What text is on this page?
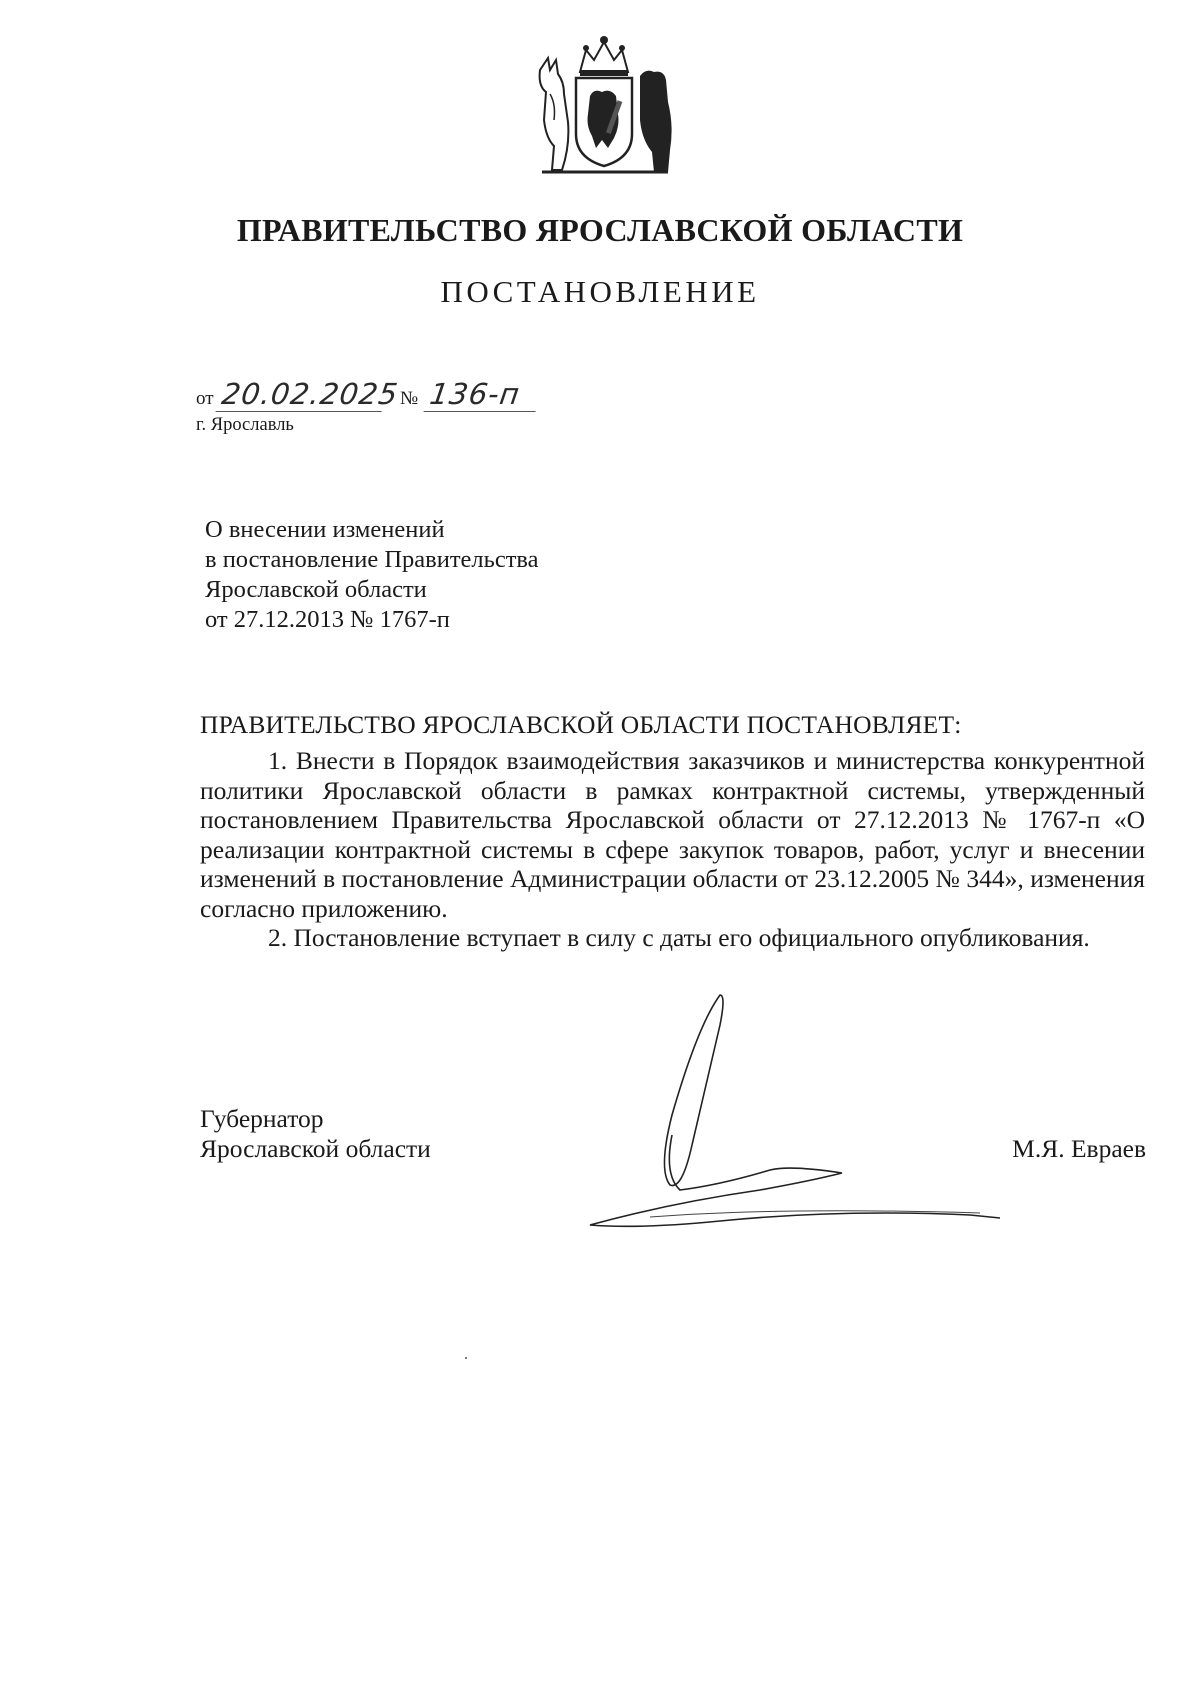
ПРАВИТЕЛЬСТВО ЯРОСЛАВСКОЙ ОБЛАСТИ
ПОСТАНОВЛЕНИЕ
от 20.02.2025 № 136-п
г. Ярославль
О внесении изменений
в постановление Правительства
Ярославской области
от 27.12.2013 № 1767-п
ПРАВИТЕЛЬСТВО ЯРОСЛАВСКОЙ ОБЛАСТИ ПОСТАНОВЛЯЕТ:

1. Внести в Порядок взаимодействия заказчиков и министерства конкурентной политики Ярославской области в рамках контрактной системы, утвержденный постановлением Правительства Ярославской области от 27.12.2013 № 1767-п «О реализации контрактной системы в сфере закупок товаров, работ, услуг и внесении изменений в постановление Администрации области от 23.12.2005 № 344», изменения согласно приложению.

2. Постановление вступает в силу с даты его официального опубликования.

Губернатор
Ярославской области	М.Я. Евраев
